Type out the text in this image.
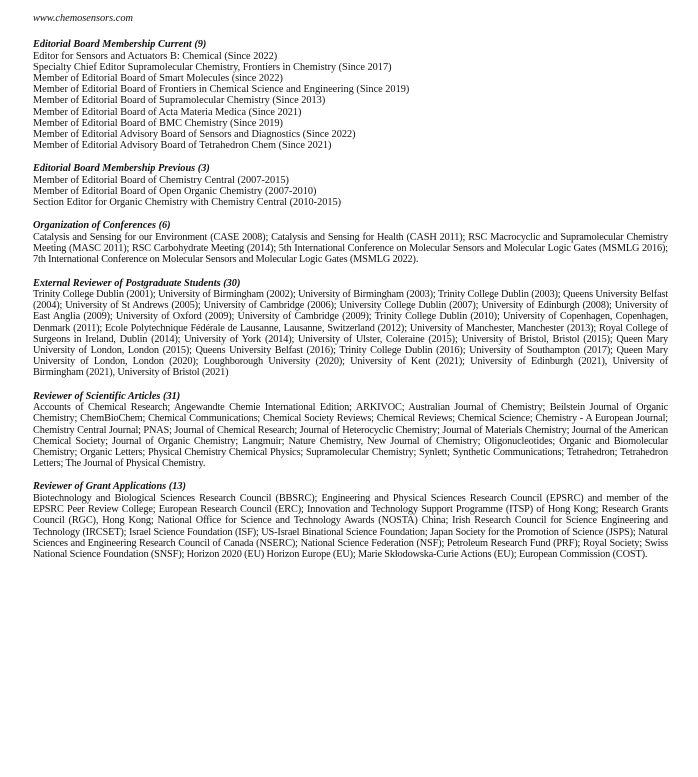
www.chemosensors.com
Editorial Board Membership Current (9)
Editor for Sensors and Actuators B: Chemical (Since 2022)
Specialty Chief Editor Supramolecular Chemistry, Frontiers in Chemistry (Since 2017)
Member of Editorial Board of Smart Molecules (since 2022)
Member of Editorial Board of Frontiers in Chemical Science and Engineering (Since 2019)
Member of Editorial Board of Supramolecular Chemistry (Since 2013)
Member of Editorial Board of Acta Materia Medica (Since 2021)
Member of Editorial Board of BMC Chemistry (Since 2019)
Member of Editorial Advisory Board of Sensors and Diagnostics (Since 2022)
Member of Editorial Advisory Board of Tetrahedron Chem (Since 2021)
Editorial Board Membership Previous (3)
Member of Editorial Board of Chemistry Central (2007-2015)
Member of Editorial Board of Open Organic Chemistry (2007-2010)
Section Editor for Organic Chemistry with Chemistry Central (2010-2015)
Organization of Conferences (6)
Catalysis and Sensing for our Environment (CASE 2008); Catalysis and Sensing for Health (CASH 2011); RSC Macrocyclic and Supramolecular Chemistry Meeting (MASC 2011); RSC Carbohydrate Meeting (2014); 5th International Conference on Molecular Sensors and Molecular Logic Gates (MSMLG 2016); 7th International Conference on Molecular Sensors and Molecular Logic Gates (MSMLG 2022).
External Reviewer of Postgraduate Students (30)
Trinity College Dublin (2001); University of Birmingham (2002); University of Birmingham (2003); Trinity College Dublin (2003); Queens University Belfast (2004); University of St Andrews (2005); University of Cambridge (2006); University College Dublin (2007); University of Edinburgh (2008); University of East Anglia (2009); University of Oxford (2009); University of Cambridge (2009); Trinity College Dublin (2010); University of Copenhagen, Copenhagen, Denmark (2011); Ecole Polytechnique Fédérale de Lausanne, Lausanne, Switzerland (2012); University of Manchester, Manchester (2013); Royal College of Surgeons in Ireland, Dublin (2014); University of York (2014); University of Ulster, Coleraine (2015); University of Bristol, Bristol (2015); Queen Mary University of London, London (2015); Queens University Belfast (2016); Trinity College Dublin (2016); University of Southampton (2017); Queen Mary University of London, London (2020); Loughborough University (2020); University of Kent (2021); University of Edinburgh (2021), University of Birmingham (2021), University of Bristol (2021)
Reviewer of Scientific Articles (31)
Accounts of Chemical Research; Angewandte Chemie International Edition; ARKIVOC; Australian Journal of Chemistry; Beilstein Journal of Organic Chemistry; ChemBioChem; Chemical Communications; Chemical Society Reviews; Chemical Reviews; Chemical Science; Chemistry - A European Journal; Chemistry Central Journal; PNAS; Journal of Chemical Research; Journal of Heterocyclic Chemistry; Journal of Materials Chemistry; Journal of the American Chemical Society; Journal of Organic Chemistry; Langmuir; Nature Chemistry, New Journal of Chemistry; Oligonucleotides; Organic and Biomolecular Chemistry; Organic Letters; Physical Chemistry Chemical Physics; Supramolecular Chemistry; Synlett; Synthetic Communications; Tetrahedron; Tetrahedron Letters; The Journal of Physical Chemistry.
Reviewer of Grant Applications (13)
Biotechnology and Biological Sciences Research Council (BBSRC); Engineering and Physical Sciences Research Council (EPSRC) and member of the EPSRC Peer Review College; European Research Council (ERC); Innovation and Technology Support Programme (ITSP) of Hong Kong; Research Grants Council (RGC), Hong Kong; National Office for Science and Technology Awards (NOSTA) China; Irish Research Council for Science Engineering and Technology (IRCSET); Israel Science Foundation (ISF); US-Israel Binational Science Foundation; Japan Society for the Promotion of Science (JSPS); Natural Sciences and Engineering Research Council of Canada (NSERC); National Science Federation (NSF); Petroleum Research Fund (PRF); Royal Society; Swiss National Science Foundation (SNSF); Horizon 2020 (EU) Horizon Europe (EU); Marie Skłodowska-Curie Actions (EU); European Commission (COST).
